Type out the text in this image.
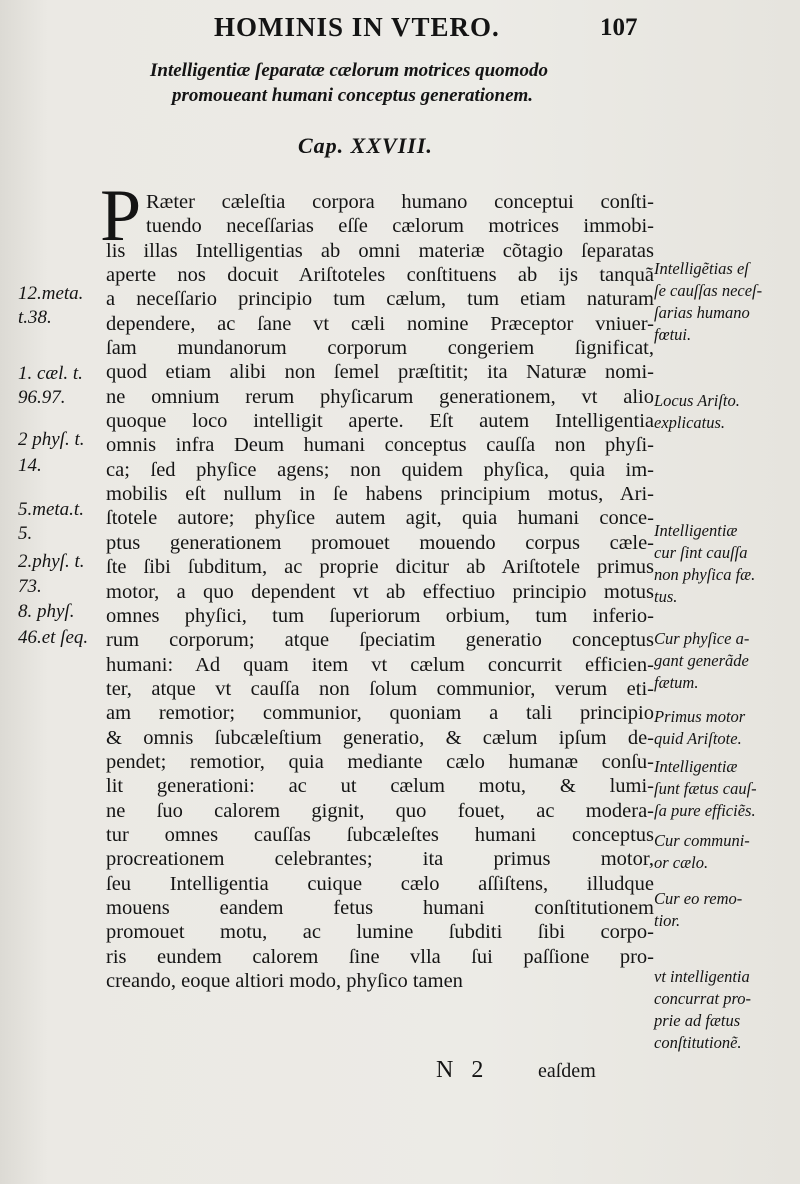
HOMINIS IN VTERO.	107
Intelligentiæ ſeparatæ cælorum motrices quomodo
promoueant humani conceptus generationem.
Cap. XXVIII.
P Ræter cæleſtia corpora humano conceptui conſti-
tuendo neceſſarias eſſe cælorum motrices immobi-
lis illas Intelligentias ab omni materiæ cõtagio ſeparatas
aperte nos docuit Ariſtoteles conſtituens ab ijs tanquã
a neceſſario principio tum cælum, tum etiam naturam
dependere, ac ſane vt cæli nomine Præceptor vniuer-
ſam mundanorum corporum congeriem ſignificat,
quod etiam alibi non ſemel præſtitit; ita Naturæ nomi-
ne omnium rerum phyſicarum generationem, vt alio
quoque loco intelligit aperte. Eſt autem Intelligentia
omnis infra Deum humani conceptus cauſſa non phyſi-
ca; ſed phyſice agens; non quidem phyſica, quia im-
mobilis eſt nullum in ſe habens principium motus, Ari-
ſtotele autore; phyſice autem agit, quia humani conce-
ptus generationem promouet mouendo corpus cæle-
ſte ſibi ſubditum, ac proprie dicitur ab Ariſtotele primus
motor, a quo dependent vt ab effectiuo principio motus
omnes phyſici, tum ſuperiorum orbium, tum inferio-
rum corporum; atque ſpeciatim generatio conceptus
humani: Ad quam item vt cælum concurrit efficien-
ter, atque vt cauſſa non ſolum communior, verum eti-
am remotior; communior, quoniam a tali principio
& omnis ſubcæleſtium generatio, & cælum ipſum de-
pendet; remotior, quia mediante cælo humanæ conſu-
lit generationi: ac ut cælum motu, & lumi-
ne ſuo calorem gignit, quo fouet, ac modera-
tur omnes cauſſas ſubcæleſtes humani conceptus
procreationem celebrantes; ita primus motor,
ſeu Intelligentia cuique cælo aſſiſtens, illudque
mouens eandem fetus humani conſtitutionem
promouet motu, ac lumine ſubditi ſibi corpo-
ris eundem calorem ſine vlla ſui paſſione pro-
creando, eoque altiori modo, phyſico tamen
12.meta.
t.38.
1. cæl. t.
96.97.
2 phyſ. t.
14.
5.meta.t.
5.
2.phyſ. t.
73.
8. phyſ.
46.et ſeq.
Intelligẽtias eſ
ſe cauſſas neceſ-
ſarias humano
fœtui.
Locus Ariſto.
explicatus.
Intelligentiæ
cur ſint cauſſa
non phyſica fæ.
tus.
Cur phyſice a-
gant generãde
fætum.
Primus motor
quid Ariſtote.
Intelligentiæ
ſunt fætus cauſ-
ſa pure efficiẽs.
Cur communi-
or cælo.
Cur eo remo-
tior.
vt intelligentia
concurrat pro-
prie ad fætus
conſtitutionẽ.
N 2 eaſdem
